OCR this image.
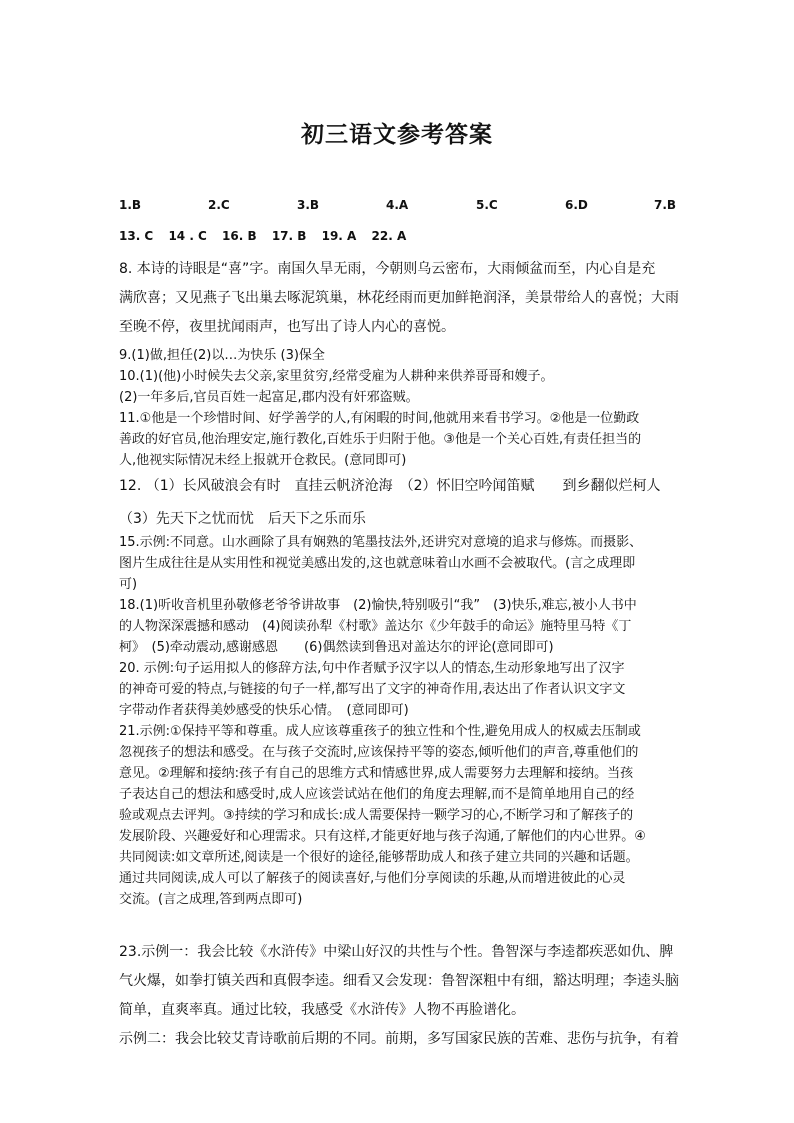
初三语文参考答案
1.B	2.C	3.B	4.A	5.C	6.D	7.B
13. C 14 . C 16. B 17. B 19. A 22. A

8. 本诗的诗眼是“喜”字。南国久旱无雨，今朝则乌云密布，大雨倾盆而至，内心自是充
满欣喜；又见燕子飞出巢去啄泥筑巢，林花经雨而更加鲜艳润泽，美景带给人的喜悦；大雨
至晚不停，夜里扰闻雨声，也写出了诗人内心的喜悦。

9.(1)做,担任(2)以…为快乐 (3)保全
10.(1)(他)小时候失去父亲,家里贫穷,经常受雇为人耕种来供养哥哥和嫂子。
(2)一年多后,官员百姓一起富足,郡内没有奸邪盗贼。
11.①他是一个珍惜时间、好学善学的人,有闲暇的时间,他就用来看书学习。②他是一位勤政
善政的好官员,他治理安定,施行教化,百姓乐于归附于他。③他是一个关心百姓,有责任担当的
人,他视实际情况未经上报就开仓救民。(意同即可)

12. （1）长风破浪会有时　直挂云帆济沧海　（2）怀旧空吟闻笛赋　　到乡翻似烂柯人
（3）先天下之忧而忧　后天下之乐而乐

15.示例:不同意。山水画除了具有娴熟的笔墨技法外,还讲究对意境的追求与修炼。而摄影、
图片生成往往是从实用性和视觉美感出发的,这也就意味着山水画不会被取代。(言之成理即
可)
18.(1)听收音机里孙敬修老爷爷讲故事　(2)愉快,特别吸引“我”　(3)快乐,难忘,被小人书中
的人物深深震撼和感动　(4)阅读孙犁《村歌》盖达尔《少年鼓手的命运》施特里马特《丁
柯》　(5)牵动震动,感谢感恩　　(6)偶然读到鲁迅对盖达尔的评论(意同即可)
20. 示例:句子运用拟人的修辞方法,句中作者赋予汉字以人的情态,生动形象地写出了汉字
的神奇可爱的特点,与链接的句子一样,都写出了文字的神奇作用,表达出了作者认识文字文
字带动作者获得美妙感受的快乐心情。　(意同即可)
21.示例:①保持平等和尊重。成人应该尊重孩子的独立性和个性,避免用成人的权威去压制或
忽视孩子的想法和感受。在与孩子交流时,应该保持平等的姿态,倾听他们的声音,尊重他们的
意见。②理解和接纳:孩子有自己的思维方式和情感世界,成人需要努力去理解和接纳。当孩
子表达自己的想法和感受时,成人应该尝试站在他们的角度去理解,而不是简单地用自己的经
验或观点去评判。③持续的学习和成长:成人需要保持一颗学习的心,不断学习和了解孩子的
发展阶段、兴趣爱好和心理需求。只有这样,才能更好地与孩子沟通,了解他们的内心世界。④
共同阅读:如文章所述,阅读是一个很好的途径,能够帮助成人和孩子建立共同的兴趣和话题。
通过共同阅读,成人可以了解孩子的阅读喜好,与他们分享阅读的乐趣,从而增进彼此的心灵
交流。(言之成理,答到两点即可)

23.示例一：我会比较《水浒传》中梁山好汉的共性与个性。鲁智深与李逵都疾恶如仇、脾
气火爆，如拳打镇关西和真假李逵。细看又会发现：鲁智深粗中有细，豁达明理；李逵头脑
简单，直爽率真。通过比较，我感受《水浒传》人物不再脸谱化。
示例二：我会比较艾青诗歌前后期的不同。前期，多写国家民族的苦难、悲伤与抗争，有着
